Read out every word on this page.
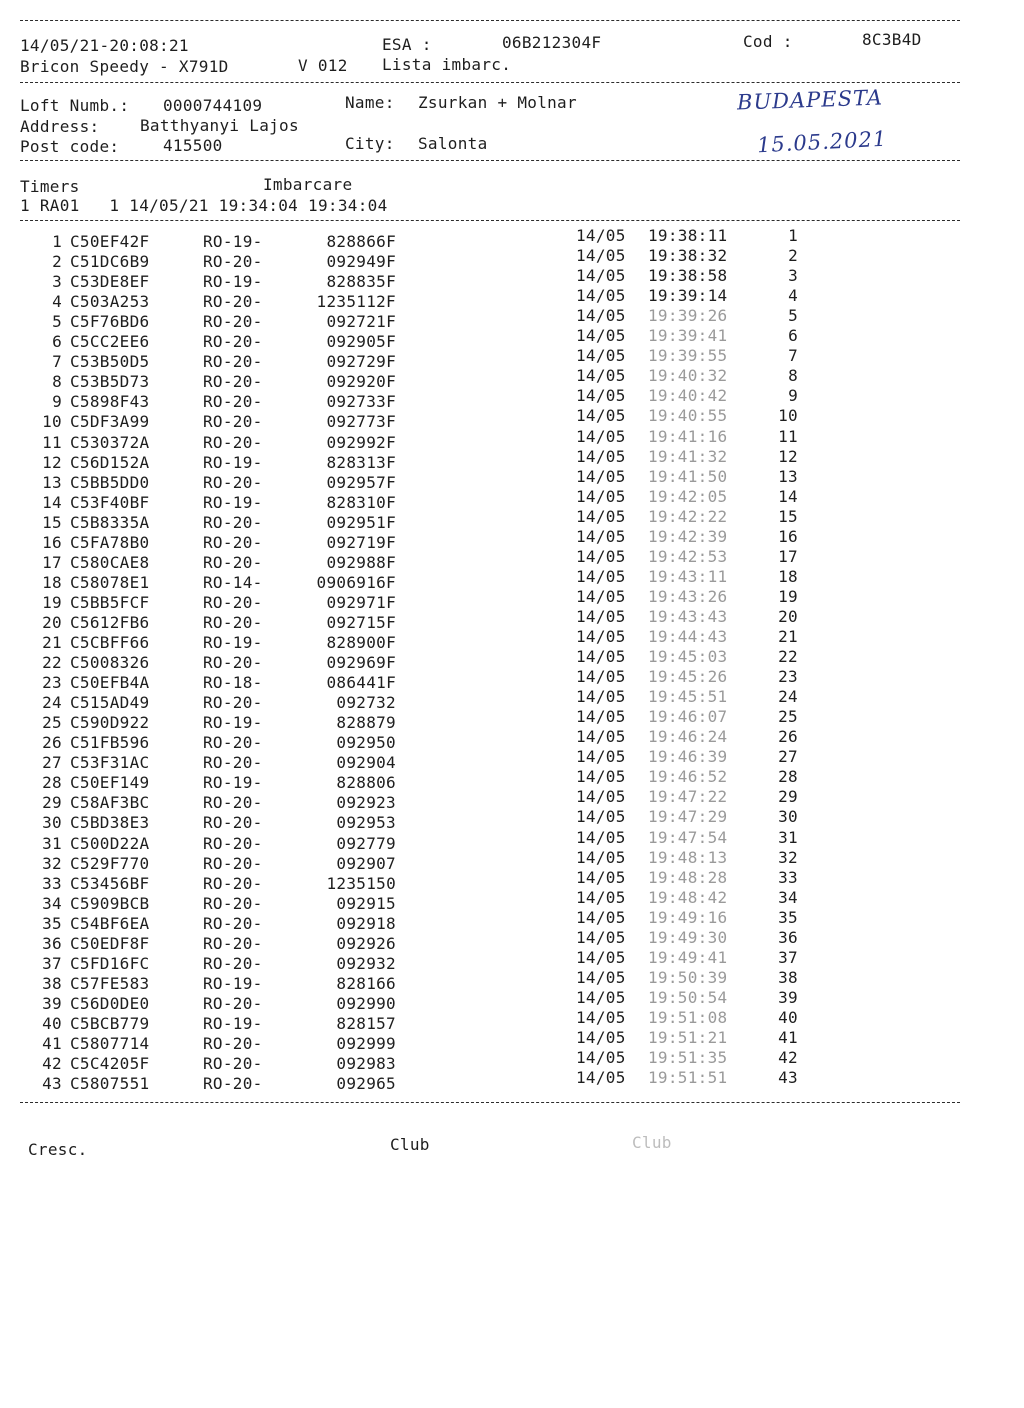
14/05/21-20:08:21	ESA :	06B212304F	Cod :	8C3B4D
Bricon Speedy - X791D	V 012 Lista imbarc.
Loft Numb.: 0000744109	Name: Zsurkan + Molnar
Address:	Batthyanyi Lajos
Post code:	415500	City: Salonta
BUDAPESTA
15.05.2021
Timers	Imbarcare
1 RA01   1 14/05/21 19:34:04 19:34:04
1 C50EF42F	RO-19-	828866F	14/05 19:38:11	1
2 C51DC6B9	RO-20-	092949F	14/05 19:38:32	2
3 C53DE8EF	RO-19-	828835F	14/05 19:38:58	3
4 C503A253	RO-20-	1235112F	14/05 19:39:14	4
5 C5F76BD6	RO-20-	092721F	14/05 19:39:26	5
6 C5CC2EE6	RO-20-	092905F	14/05 19:39:41	6
7 C53B50D5	RO-20-	092729F	14/05 19:39:55	7
8 C53B5D73	RO-20-	092920F	14/05 19:40:32	8
9 C5898F43	RO-20-	092733F	14/05 19:40:42	9
10 C5DF3A99	RO-20-	092773F	14/05 19:40:55	10
11 C530372A	RO-20-	092992F	14/05 19:41:16	11
12 C56D152A	RO-19-	828313F	14/05 19:41:32	12
13 C5BB5DD0	RO-20-	092957F	14/05 19:41:50	13
14 C53F40BF	RO-19-	828310F	14/05 19:42:05	14
15 C5B8335A	RO-20-	092951F	14/05 19:42:22	15
16 C5FA78B0	RO-20-	092719F	14/05 19:42:39	16
17 C580CAE8	RO-20-	092988F	14/05 19:42:53	17
18 C58078E1	RO-14-	0906916F	14/05 19:43:11	18
19 C5BB5FCF	RO-20-	092971F	14/05 19:43:26	19
20 C5612FB6	RO-20-	092715F	14/05 19:43:43	20
21 C5CBFF66	RO-19-	828900F	14/05 19:44:43	21
22 C5008326	RO-20-	092969F	14/05 19:45:03	22
23 C50EFB4A	RO-18-	086441F	14/05 19:45:26	23
24 C515AD49	RO-20-	092732	14/05 19:45:51	24
25 C590D922	RO-19-	828879	14/05 19:46:07	25
26 C51FB596	RO-20-	092950	14/05 19:46:24	26
27 C53F31AC	RO-20-	092904	14/05 19:46:39	27
28 C50EF149	RO-19-	828806	14/05 19:46:52	28
29 C58AF3BC	RO-20-	092923	14/05 19:47:22	29
30 C5BD38E3	RO-20-	092953	14/05 19:47:29	30
31 C500D22A	RO-20-	092779	14/05 19:47:54	31
32 C529F770	RO-20-	092907	14/05 19:48:13	32
33 C53456BF	RO-20-	1235150	14/05 19:48:28	33
34 C5909BCB	RO-20-	092915	14/05 19:48:42	34
35 C54BF6EA	RO-20-	092918	14/05 19:49:16	35
36 C50EDF8F	RO-20-	092926	14/05 19:49:30	36
37 C5FD16FC	RO-20-	092932	14/05 19:49:41	37
38 C57FE583	RO-19-	828166	14/05 19:50:39	38
39 C56D0DE0	RO-20-	092990	14/05 19:50:54	39
40 C5BCB779	RO-19-	828157	14/05 19:51:08	40
41 C5807714	RO-20-	092999	14/05 19:51:21	41
42 C5C4205F	RO-20-	092983	14/05 19:51:35	42
43 C5807551	RO-20-	092965	14/05 19:51:51	43
Cresc.	Club	Club
